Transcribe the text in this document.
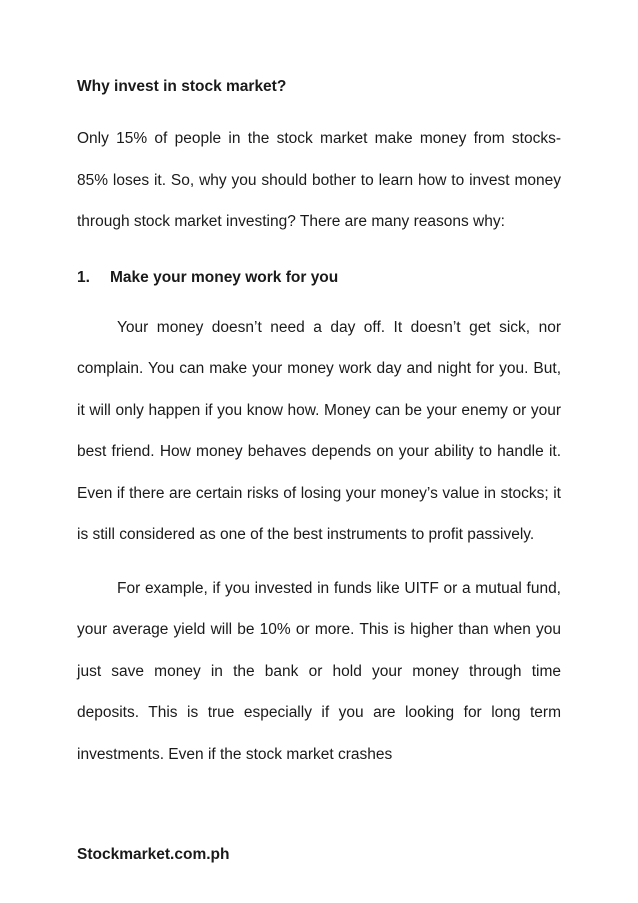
Why invest in stock market?

Only 15% of people in the stock market make money from stocks- 85% loses it. So, why you should bother to learn how to invest money through stock market investing? There are many reasons why:

1.	Make your money work for you

Your money doesn’t need a day off. It doesn’t get sick, nor complain. You can make your money work day and night for you. But, it will only happen if you know how. Money can be your enemy or your best friend. How money behaves depends on your ability to handle it. Even if there are certain risks of losing your money’s value in stocks; it is still considered as one of the best instruments to profit passively.

For example, if you invested in funds like UITF or a mutual fund, your average yield will be 10% or more. This is higher than when you just save money in the bank or hold your money through time deposits. This is true especially if you are looking for long term investments. Even if the stock market crashes

Stockmarket.com.ph
